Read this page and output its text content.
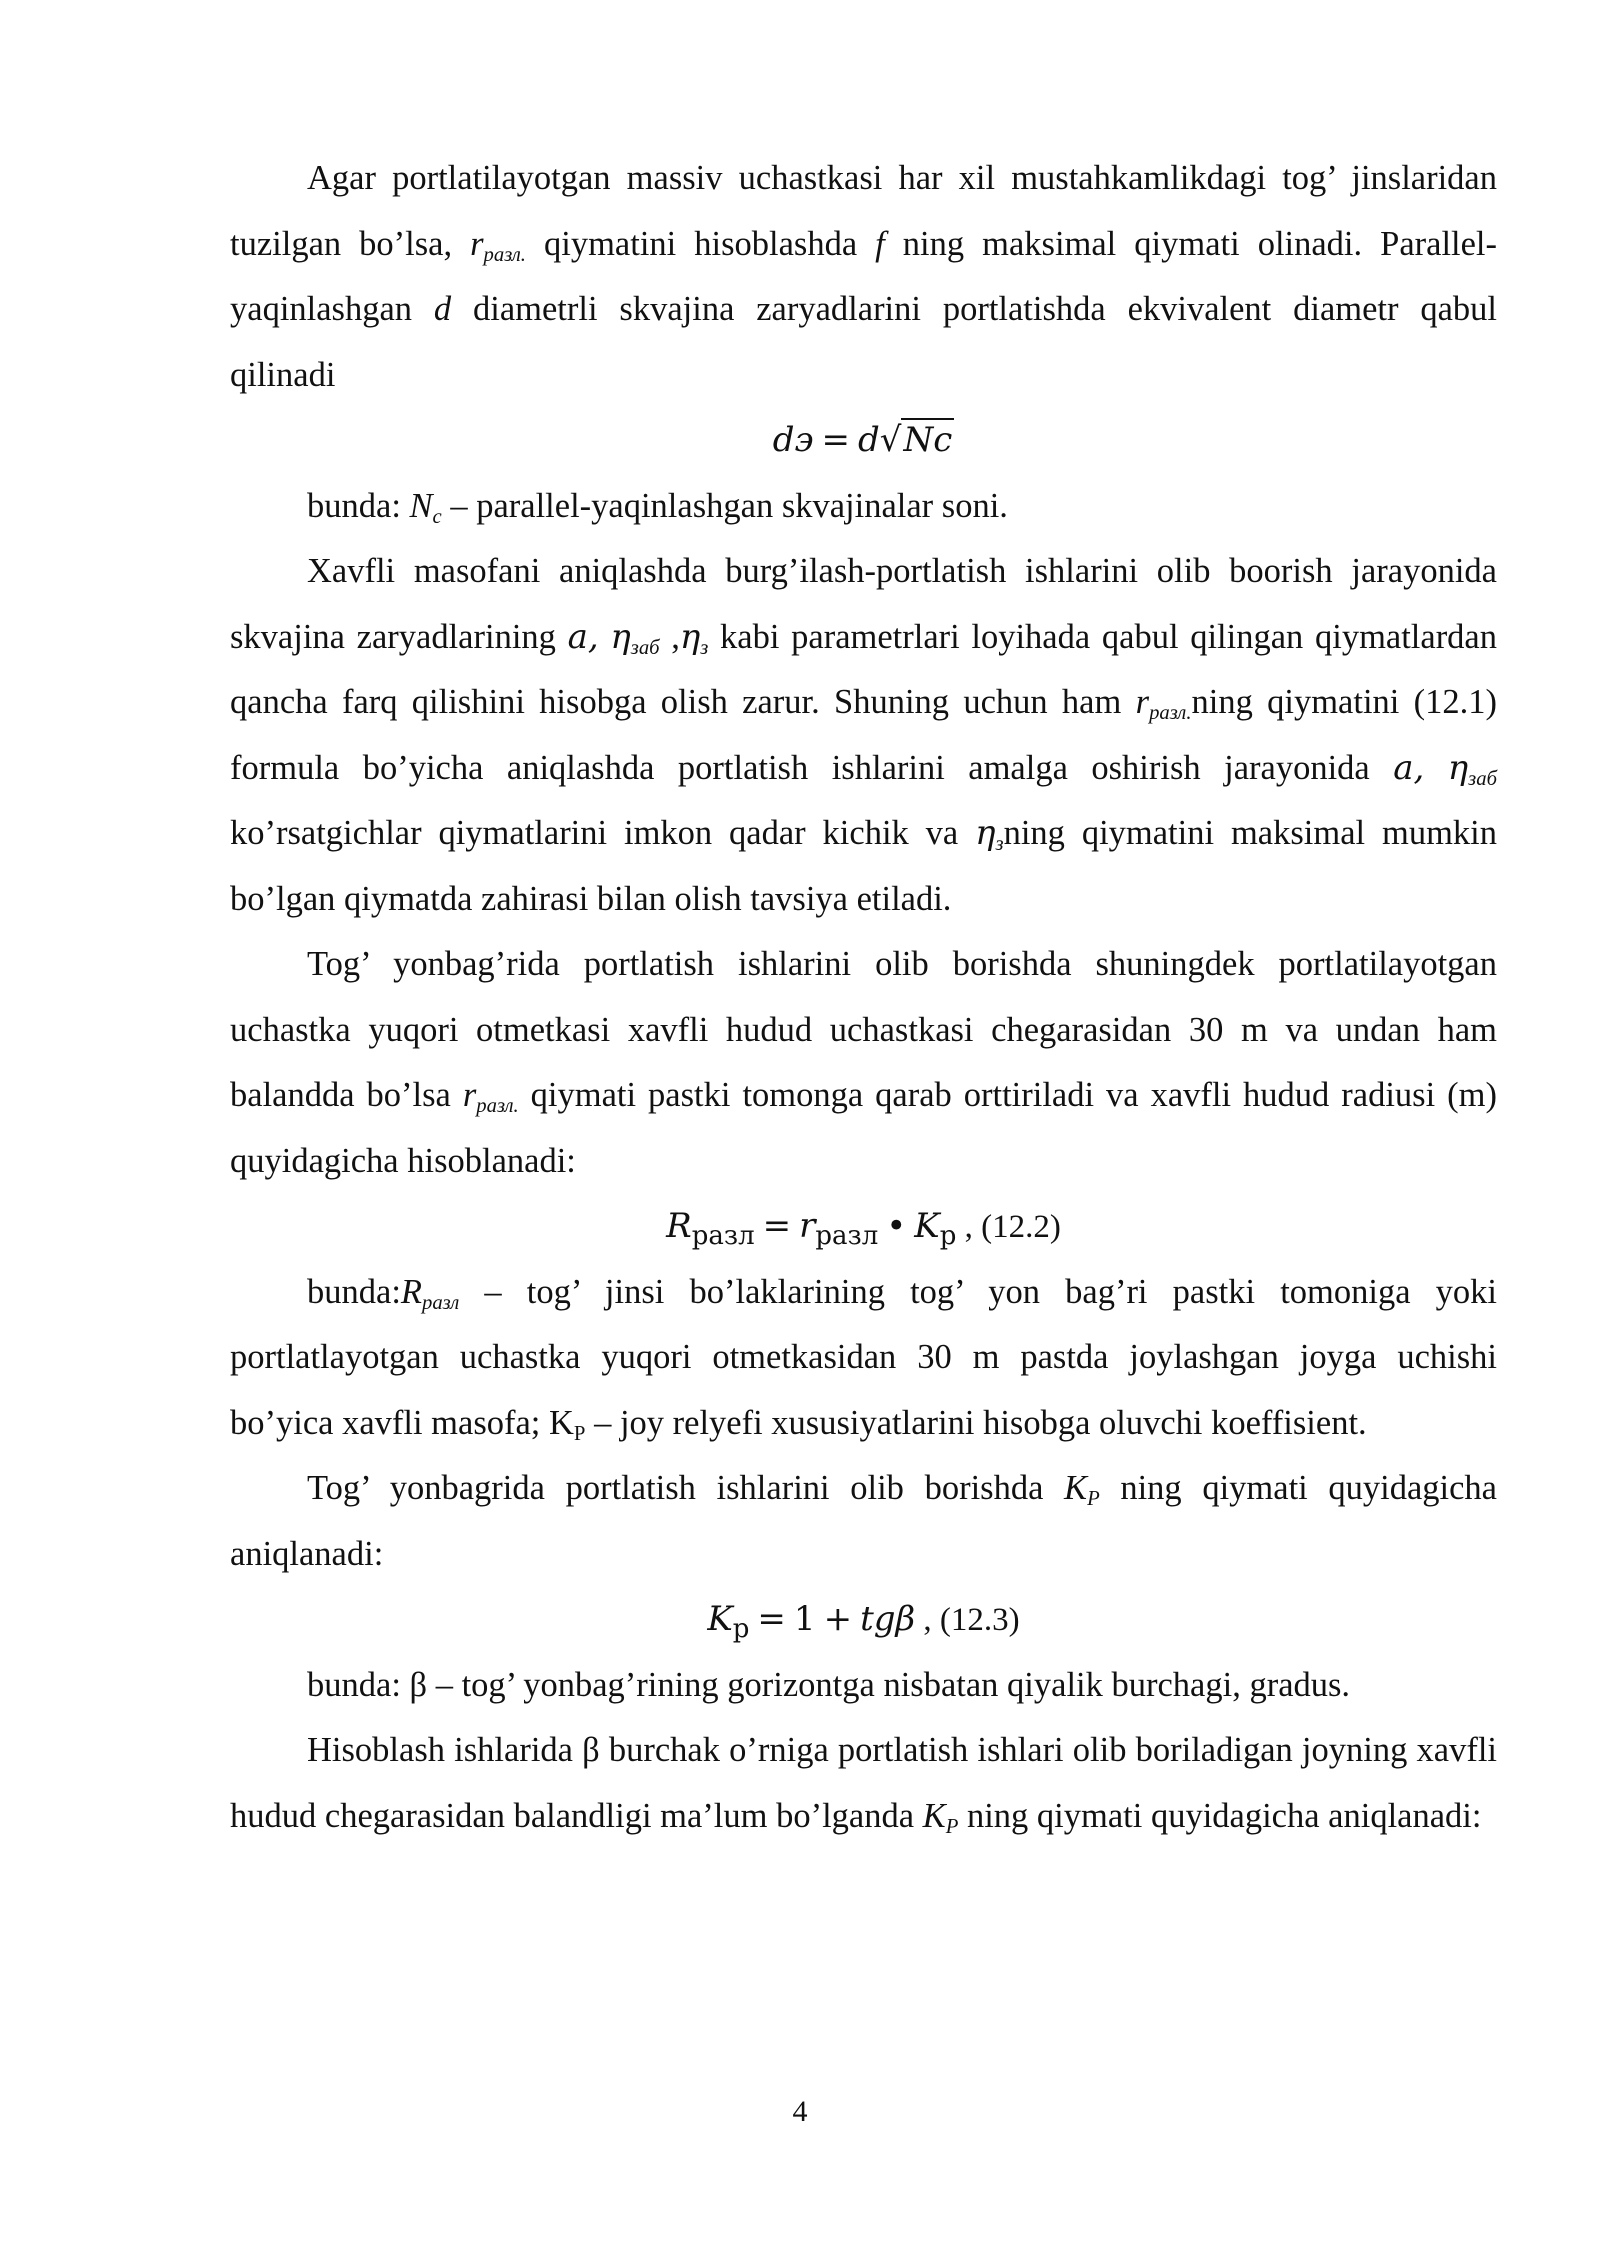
Agar portlatilayotgan massiv uchastkasi har xil mustahkamlikdagi tog’ jinslaridan tuzilgan bo’lsa, $r_{разл.}$ qiymatini hisoblashda f ning maksimal qiymati olinadi. Parallel-yaqinlashgan d diametrli skvajina zaryadlarini portlatishda ekvivalent diametr qabul qilinadi

dэ = d√Nc

bunda: $N_c$ – parallel-yaqinlashgan skvajinalar soni.

Xavfli masofani aniqlashda burg’ilash-portlatish ishlarini olib boorish jarayonida skvajina zaryadlarining a, $\eta_{заб}$ $,\eta_з$ kabi parametrlari loyihada qabul qilingan qiymatlardan qancha farq qilishini hisobga olish zarur. Shuning uchun ham $r_{разл.}ning$ qiymatini (12.1) formula bo’yicha aniqlashda portlatish ishlarini amalga oshirish jarayonida a, $\eta_{заб}$ ko’rsatgichlar qiymatlarini imkon qadar kichik va $\eta_зning$ qiymatini maksimal mumkin bo’lgan qiymatda zahirasi bilan olish tavsiya etiladi.

Tog’ yonbag’rida portlatish ishlarini olib borishda shuningdek portlatilayotgan uchastka yuqori otmetkasi xavfli hudud uchastkasi chegarasidan 30 m va undan ham balandda bo’lsa $r_{разл.}$ qiymati pastki tomonga qarab orttiriladi va xavfli hudud radiusi (m) quyidagicha hisoblanadi:

$R_{разл} = r_{разл}$ • $K_р$ , (12.2)

$bunda:R_{разл}$ – tog’ jinsi bo’laklarining tog’ yon bag’ri pastki tomoniga yoki portlatlayotgan uchastka yuqori otmetkasidan 30 m pastda joylashgan joyga uchishi bo’yica xavfli masofa; $K_P$ – joy relyefi xususiyatlarini hisobga oluvchi koeffisient.

Tog’ yonbagrida portlatish ishlarini olib borishda $K_P$ ning qiymati quyidagicha aniqlanadi:

$K_р = 1 + tg\beta$ , (12.3)

bunda: β – tog’ yonbag’rining gorizontga nisbatan qiyalik burchagi, gradus.

Hisoblash ishlarida β burchak o’rniga portlatish ishlari olib boriladigan joyning xavfli hudud chegarasidan balandligi ma’lum bo’lganda $K_P$ ning qiymati quyidagicha aniqlanadi:

4
